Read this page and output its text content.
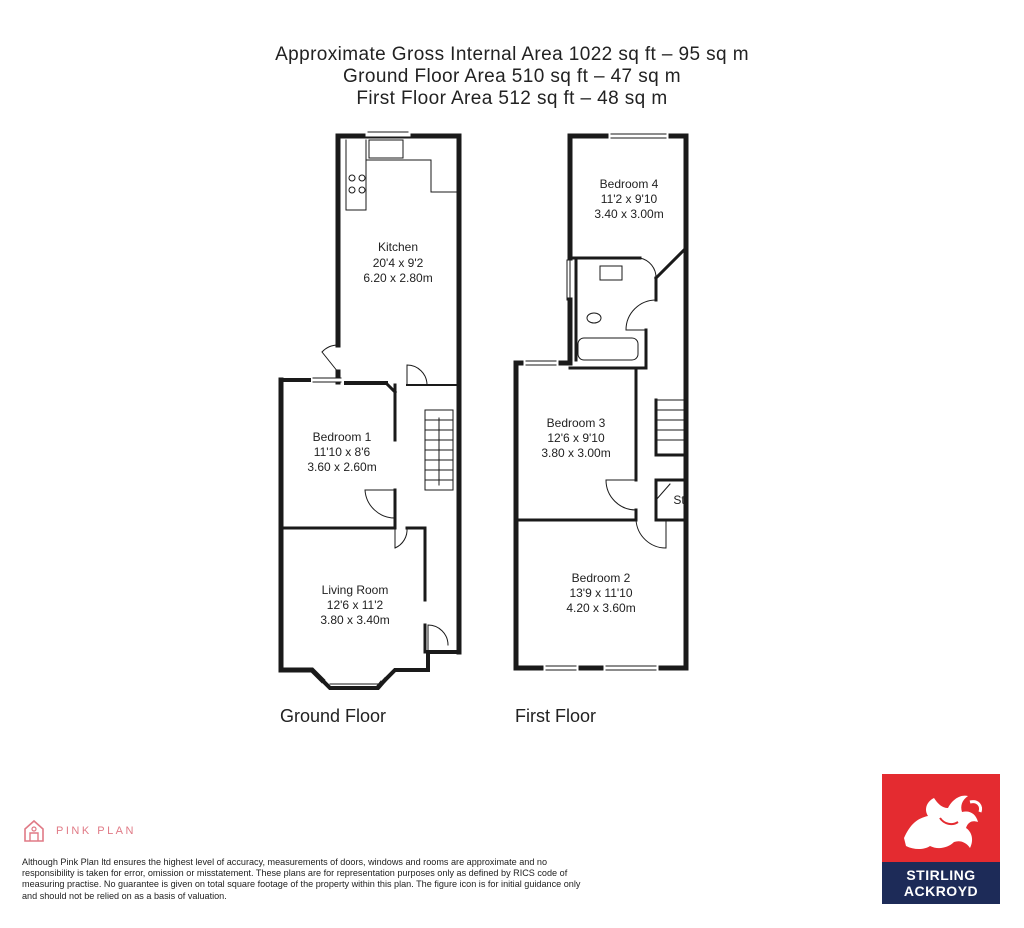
Approximate Gross Internal Area 1022 sq ft – 95 sq m
Ground Floor Area 510 sq ft – 47 sq m
First Floor Area 512 sq ft – 48 sq m
Kitchen
20'4 x 9'2
6.20 x 2.80m
Bedroom 1
11'10 x 8'6
3.60 x 2.60m
Living Room
12'6 x 11'2
3.80 x 3.40m
Ground Floor
Bedroom 4
11'2 x 9'10
3.40 x 3.00m
Bedroom 3
12'6 x 9'10
3.80 x 3.00m
Bedroom 2
13'9 x 11'10
4.20 x 3.60m
St
First Floor
PINK PLAN
Although Pink Plan ltd ensures the highest level of accuracy, measurements of doors, windows and rooms are approximate and no responsibility is taken for error, omission or misstatement. These plans are for representation purposes only as defined by RICS code of measuring practise. No guarantee is given on total square footage of the property within this plan. The figure icon is for initial guidance only and should not be relied on as a basis of valuation.
STIRLING
ACKROYD
